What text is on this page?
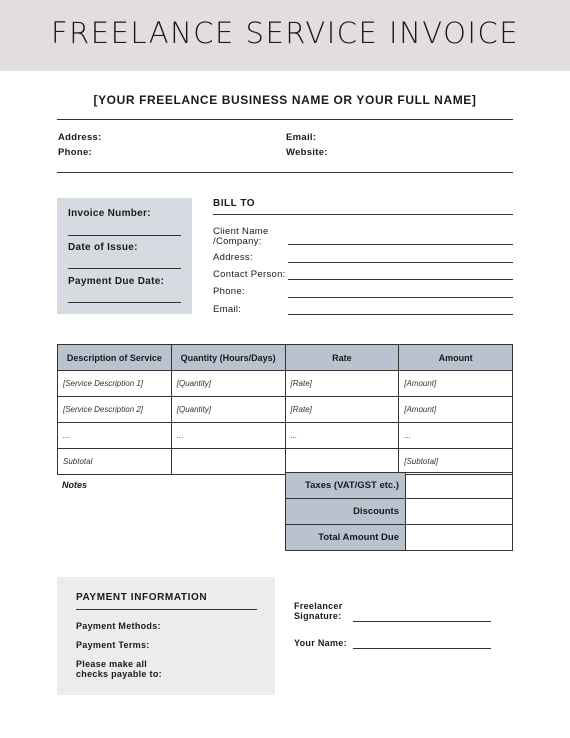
FREELANCE SERVICE INVOICE
[YOUR FREELANCE BUSINESS NAME OR YOUR FULL NAME]
Address:
Phone:
Email:
Website:
Invoice Number:
Date of Issue:
Payment Due Date:
BILL TO
Client Name
/Company:
Address:
Contact Person:
Phone:
Email:
Description of Service	Quantity (Hours/Days)	Rate	Amount
[Service Description 1]	[Quantity]	[Rate]	[Amount]
[Service Description 2]	[Quantity]	[Rate]	[Amount]
...	...	...	...
Subtotal			[Subtotal]
Notes	Taxes (VAT/GST etc.)	
Discounts	
Total Amount Due	
PAYMENT INFORMATION
Payment Methods:
Payment Terms:
Please make all
checks payable to:
Freelancer
Signature:
Your Name:
